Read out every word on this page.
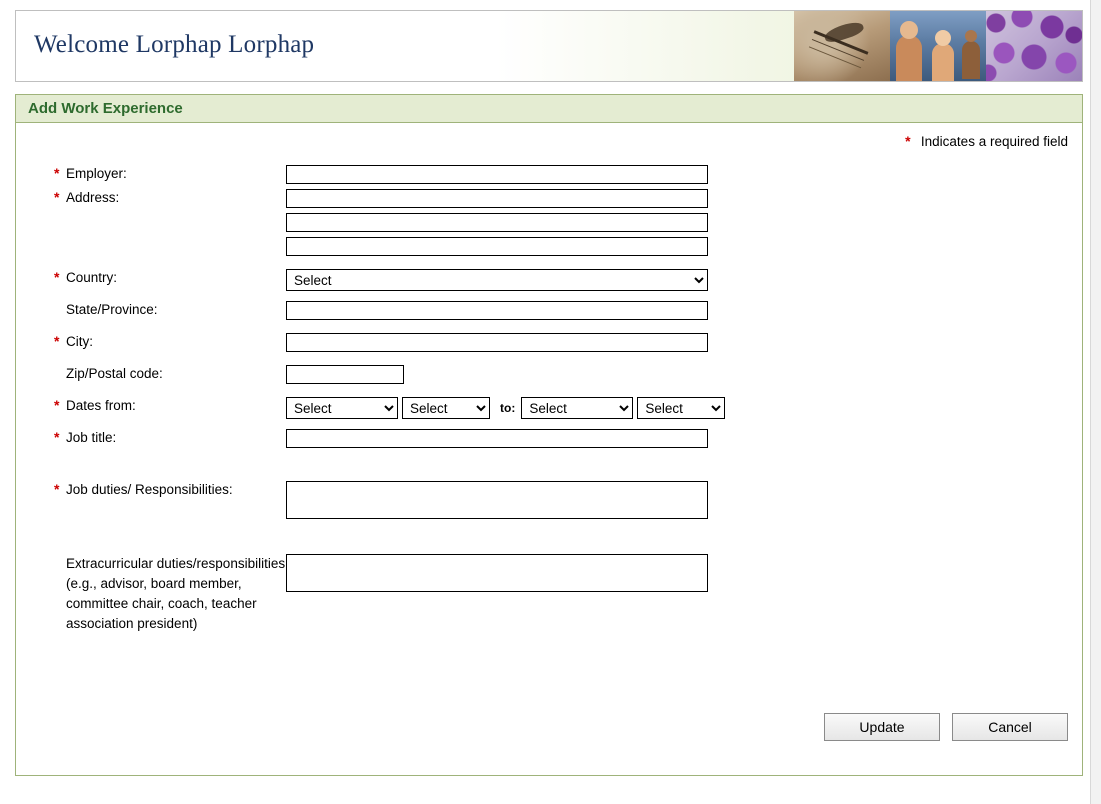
Welcome Lorphap Lorphap
Add Work Experience
* Indicates a required field
* Employer:
* Address:
* Country:
Select
State/Province:
* City:
Zip/Postal code:
* Dates from:
Select
Select	to:
Select
Select
* Job title:
* Job duties/ Responsibilities:
Extracurricular duties/responsibilities (e.g., advisor, board member, committee chair, coach, teacher association president)
Update	Cancel
